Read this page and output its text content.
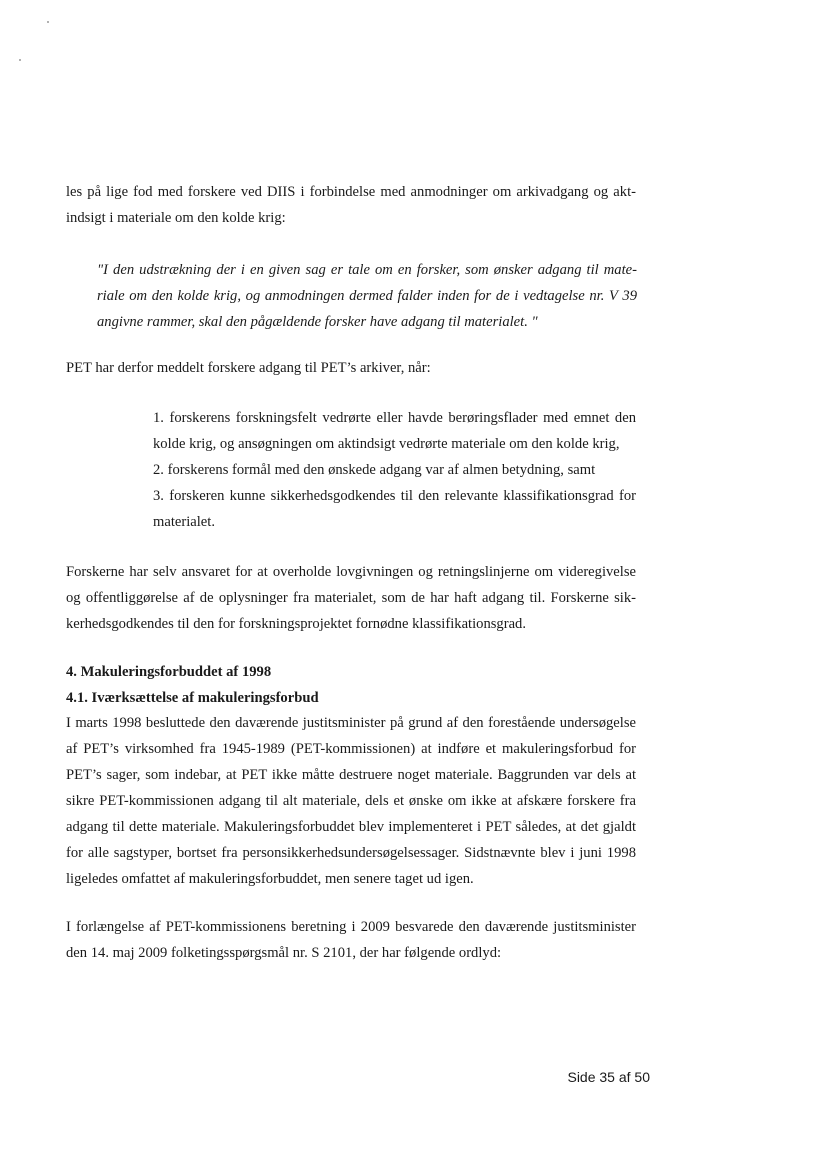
les på lige fod med forskere ved DIIS i forbindelse med anmodninger om arkivadgang og akt-
indsigt i materiale om den kolde krig:
"I den udstrækning der i en given sag er tale om en forsker, som ønsker adgang til mate-
riale om den kolde krig, og anmodningen dermed falder inden for de i vedtagelse nr. V 39
angivne rammer, skal den pågældende forsker have adgang til materialet. "
PET har derfor meddelt forskere adgang til PET’s arkiver, når:
1. forskerens forskningsfelt vedrørte eller havde berøringsflader med emnet den
kolde krig, og ansøgningen om aktindsigt vedrørte materiale om den kolde krig,
2. forskerens formål med den ønskede adgang var af almen betydning, samt
3. forskeren kunne sikkerhedsgodkendes til den relevante klassifikationsgrad for
materialet.
Forskerne har selv ansvaret for at overholde lovgivningen og retningslinjerne om videregivelse
og offentliggørelse af de oplysninger fra materialet, som de har haft adgang til. Forskerne sik-
kerhedsgodkendes til den for forskningsprojektet fornødne klassifikationsgrad.
4. Makuleringsforbuddet af 1998
4.1. Iværksættelse af makuleringsforbud
I marts 1998 besluttede den daværende justitsminister på grund af den forestående undersøgelse
af PET’s virksomhed fra 1945-1989 (PET-kommissionen) at indføre et makuleringsforbud for
PET’s sager, som indebar, at PET ikke måtte destruere noget materiale. Baggrunden var dels at
sikre PET-kommissionen adgang til alt materiale, dels et ønske om ikke at afskære forskere fra
adgang til dette materiale. Makuleringsforbuddet blev implementeret i PET således, at det gjaldt
for alle sagstyper, bortset fra personsikkerhedsundersøgelsessager. Sidstnævnte blev i juni 1998
ligeledes omfattet af makuleringsforbuddet, men senere taget ud igen.
I forlængelse af PET-kommissionens beretning i 2009 besvarede den daværende justitsminister
den 14. maj 2009 folketingsspørgsmål nr. S 2101, der har følgende ordlyd:
Side 35 af 50
